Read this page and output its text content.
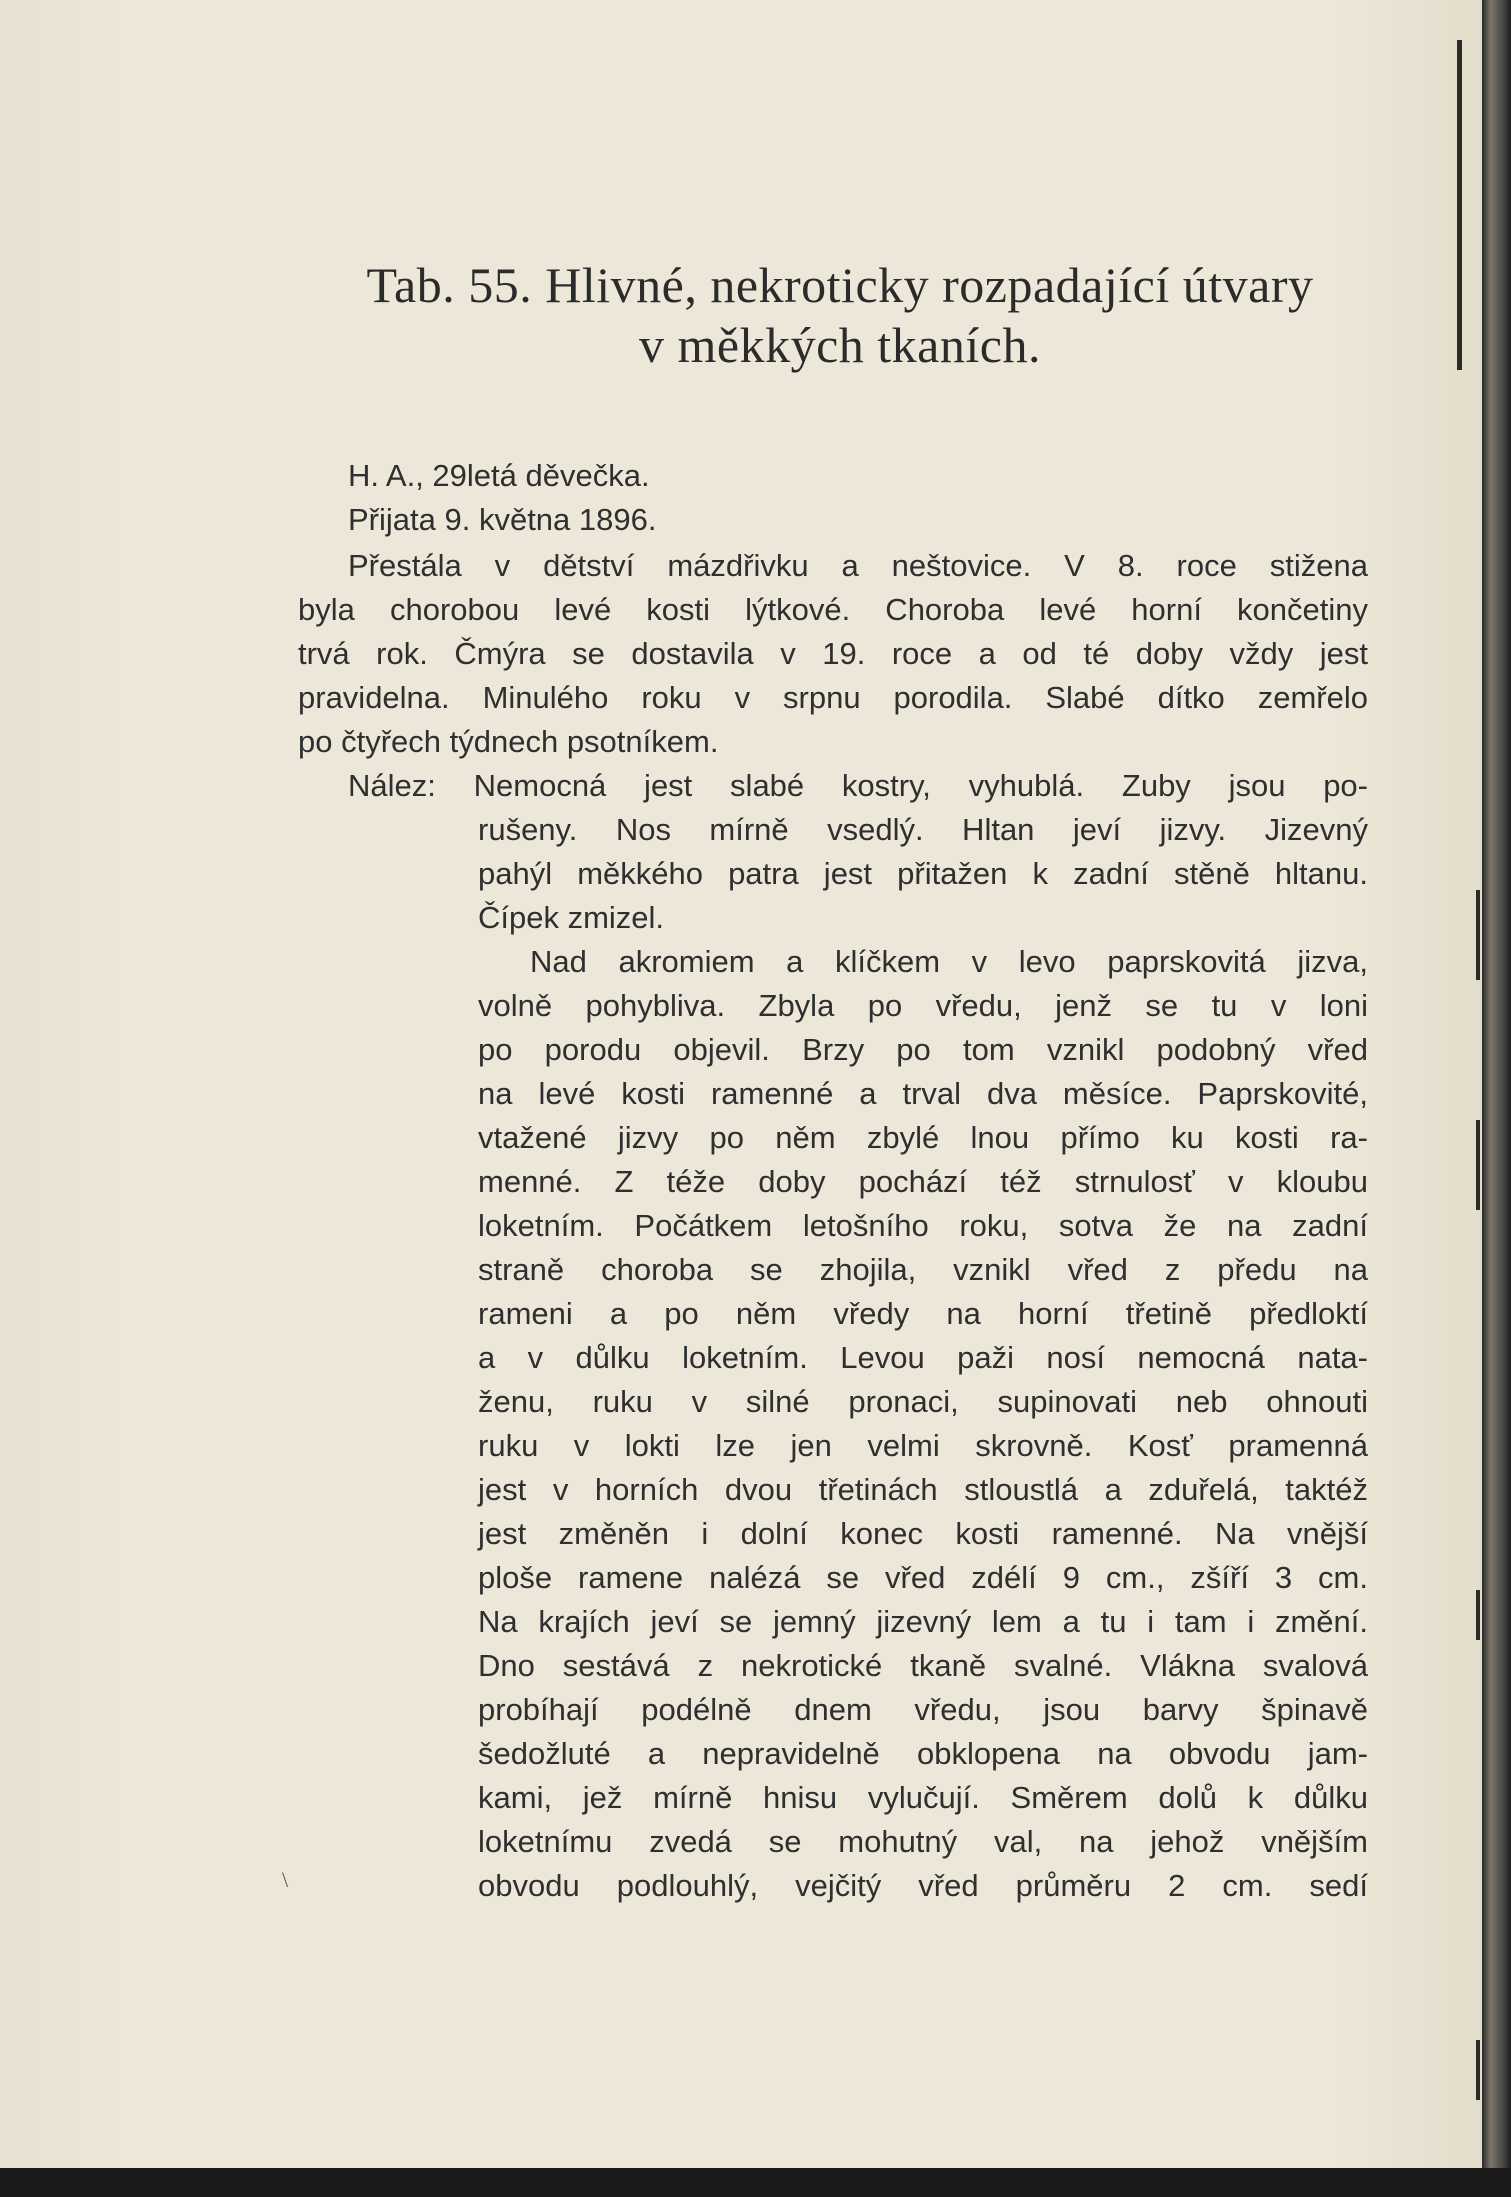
Tab. 55. Hlivné, nekroticky rozpadající útvary
v měkkých tkaních.

H. A., 29letá děvečka.

Přijata 9. května 1896.

Přestála v dětství mázdřivku a neštovice. V 8. roce stižena

byla chorobou levé kosti lýtkové. Choroba levé horní končetiny

trvá rok. Čmýra se dostavila v 19. roce a od té doby vždy jest

pravidelna. Minulého roku v srpnu porodila. Slabé dítko zemřelo

po čtyřech týdnech psotníkem.

Nález: Nemocná jest slabé kostry, vyhublá. Zuby jsou po-

rušeny. Nos mírně vsedlý. Hltan jeví jizvy. Jizevný

pahýl měkkého patra jest přitažen k zadní stěně hltanu.

Čípek zmizel.

Nad akromiem a klíčkem v levo paprskovitá jizva,

volně pohybliva. Zbyla po vředu, jenž se tu v loni

po porodu objevil. Brzy po tom vznikl podobný vřed

na levé kosti ramenné a trval dva měsíce. Paprskovité,

vtažené jizvy po něm zbylé lnou přímo ku kosti ra-

menné. Z téže doby pochází též strnulosť v kloubu

loketním. Počátkem letošního roku, sotva že na zadní

straně choroba se zhojila, vznikl vřed z předu na

rameni a po něm vředy na horní třetině předloktí

a v důlku loketním. Levou paži nosí nemocná nata-

ženu, ruku v silné pronaci, supinovati neb ohnouti

ruku v lokti lze jen velmi skrovně. Kosť pramenná

jest v horních dvou třetinách stloustlá a zduřelá, taktéž

jest změněn i dolní konec kosti ramenné. Na vnější

ploše ramene nalézá se vřed zdélí 9 cm., zšíří 3 cm.

Na krajích jeví se jemný jizevný lem a tu i tam i změní.

Dno sestává z nekrotické tkaně svalné. Vlákna svalová

probíhají podélně dnem vředu, jsou barvy špinavě

šedožluté a nepravidelně obklopena na obvodu jam-

kami, jež mírně hnisu vylučují. Směrem dolů k důlku

loketnímu zvedá se mohutný val, na jehož vnějším

obvodu podlouhlý, vejčitý vřed průměru 2 cm. sedí

\
